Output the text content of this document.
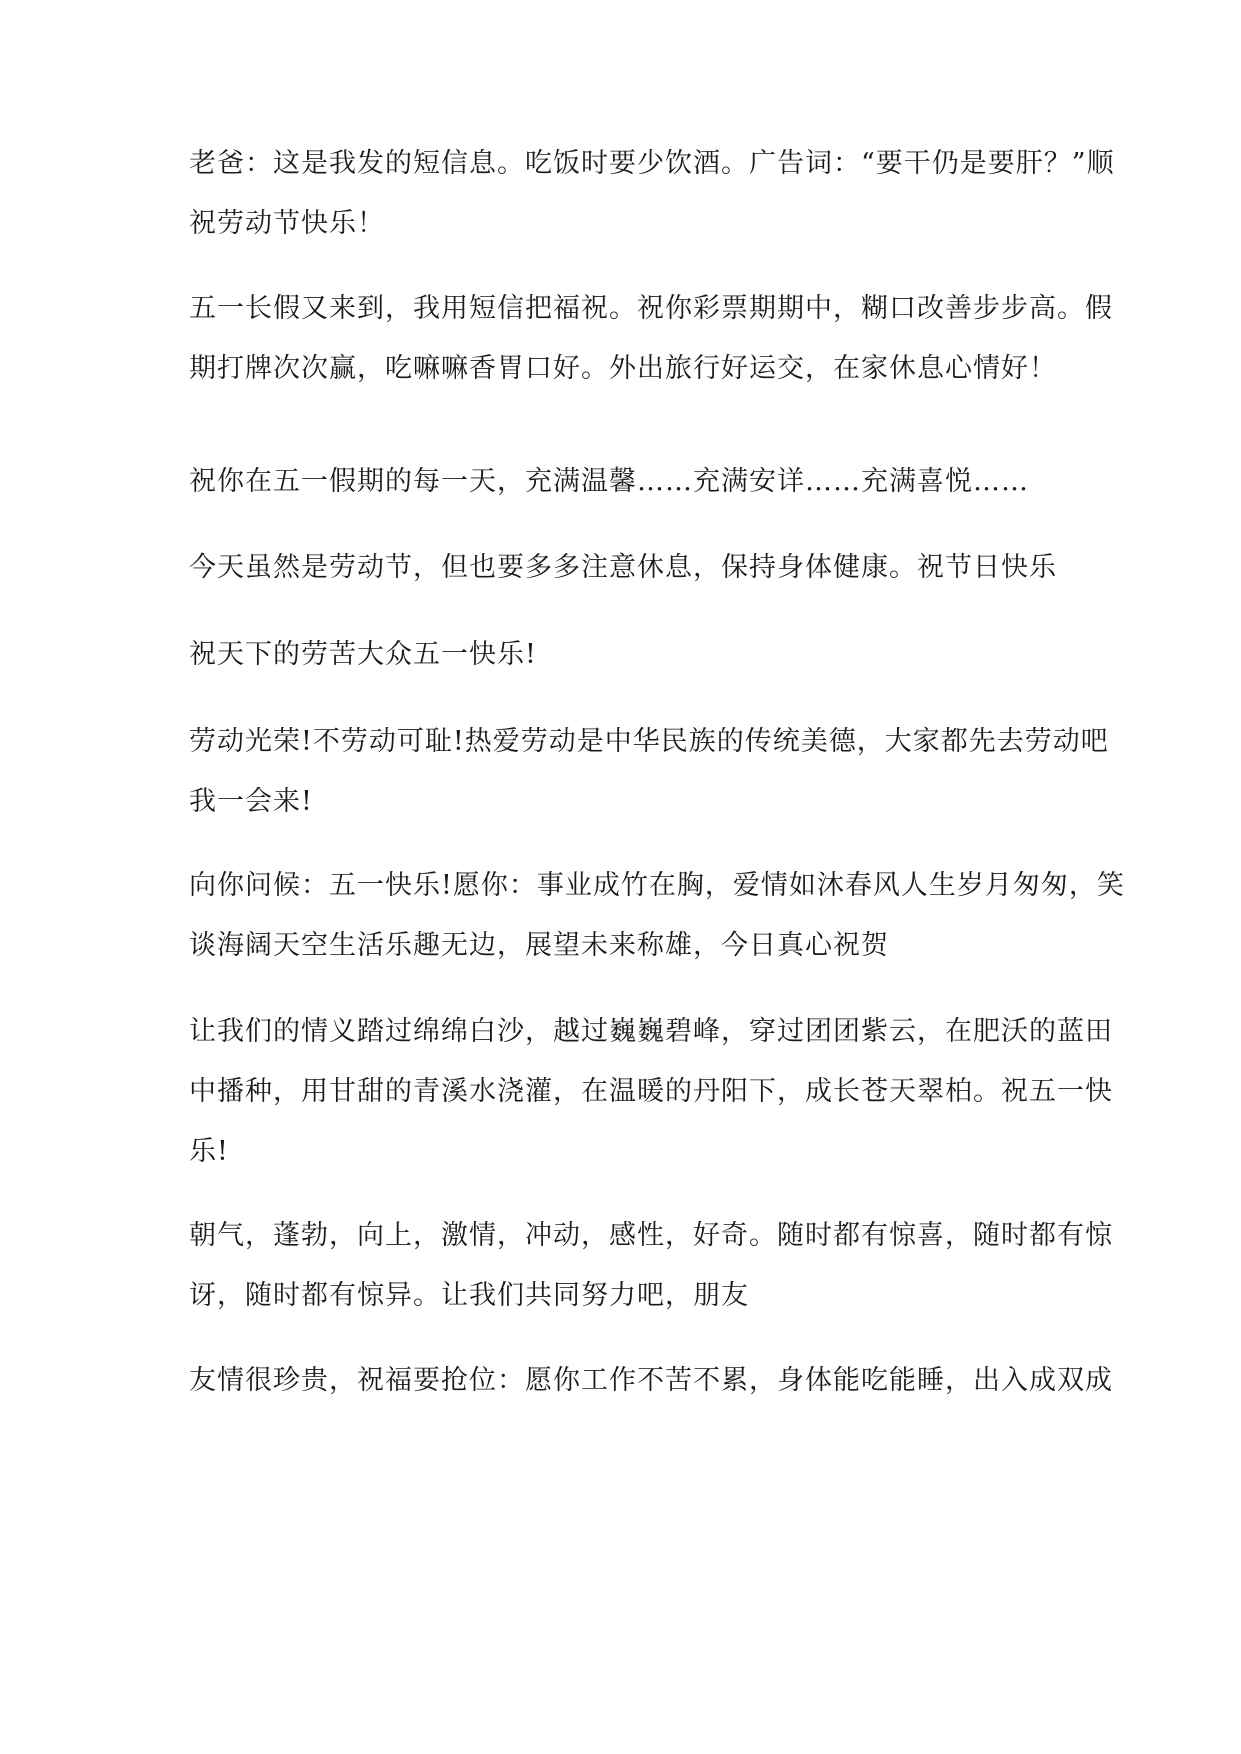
老爸：这是我发的短信息。吃饭时要少饮酒。广告词：“要干仍是要肝？”顺
祝劳动节快乐！
五一长假又来到，我用短信把福祝。祝你彩票期期中，糊口改善步步高。假
期打牌次次赢，吃嘛嘛香胃口好。外出旅行好运交，在家休息心情好！
祝你在五一假期的每一天，充满温馨……充满安详……充满喜悦……
今天虽然是劳动节，但也要多多注意休息，保持身体健康。祝节日快乐
祝天下的劳苦大众五一快乐!
劳动光荣!不劳动可耻!热爱劳动是中华民族的传统美德，大家都先去劳动吧
我一会来!
向你问候：五一快乐!愿你：事业成竹在胸，爱情如沐春风人生岁月匆匆，笑
谈海阔天空生活乐趣无边，展望未来称雄，今日真心祝贺
让我们的情义踏过绵绵白沙，越过巍巍碧峰，穿过团团紫云，在肥沃的蓝田
中播种，用甘甜的青溪水浇灌，在温暖的丹阳下，成长苍天翠柏。祝五一快
乐!
朝气，蓬勃，向上，激情，冲动，感性，好奇。随时都有惊喜，随时都有惊
讶，随时都有惊异。让我们共同努力吧，朋友
友情很珍贵，祝福要抢位：愿你工作不苦不累，身体能吃能睡，出入成双成
